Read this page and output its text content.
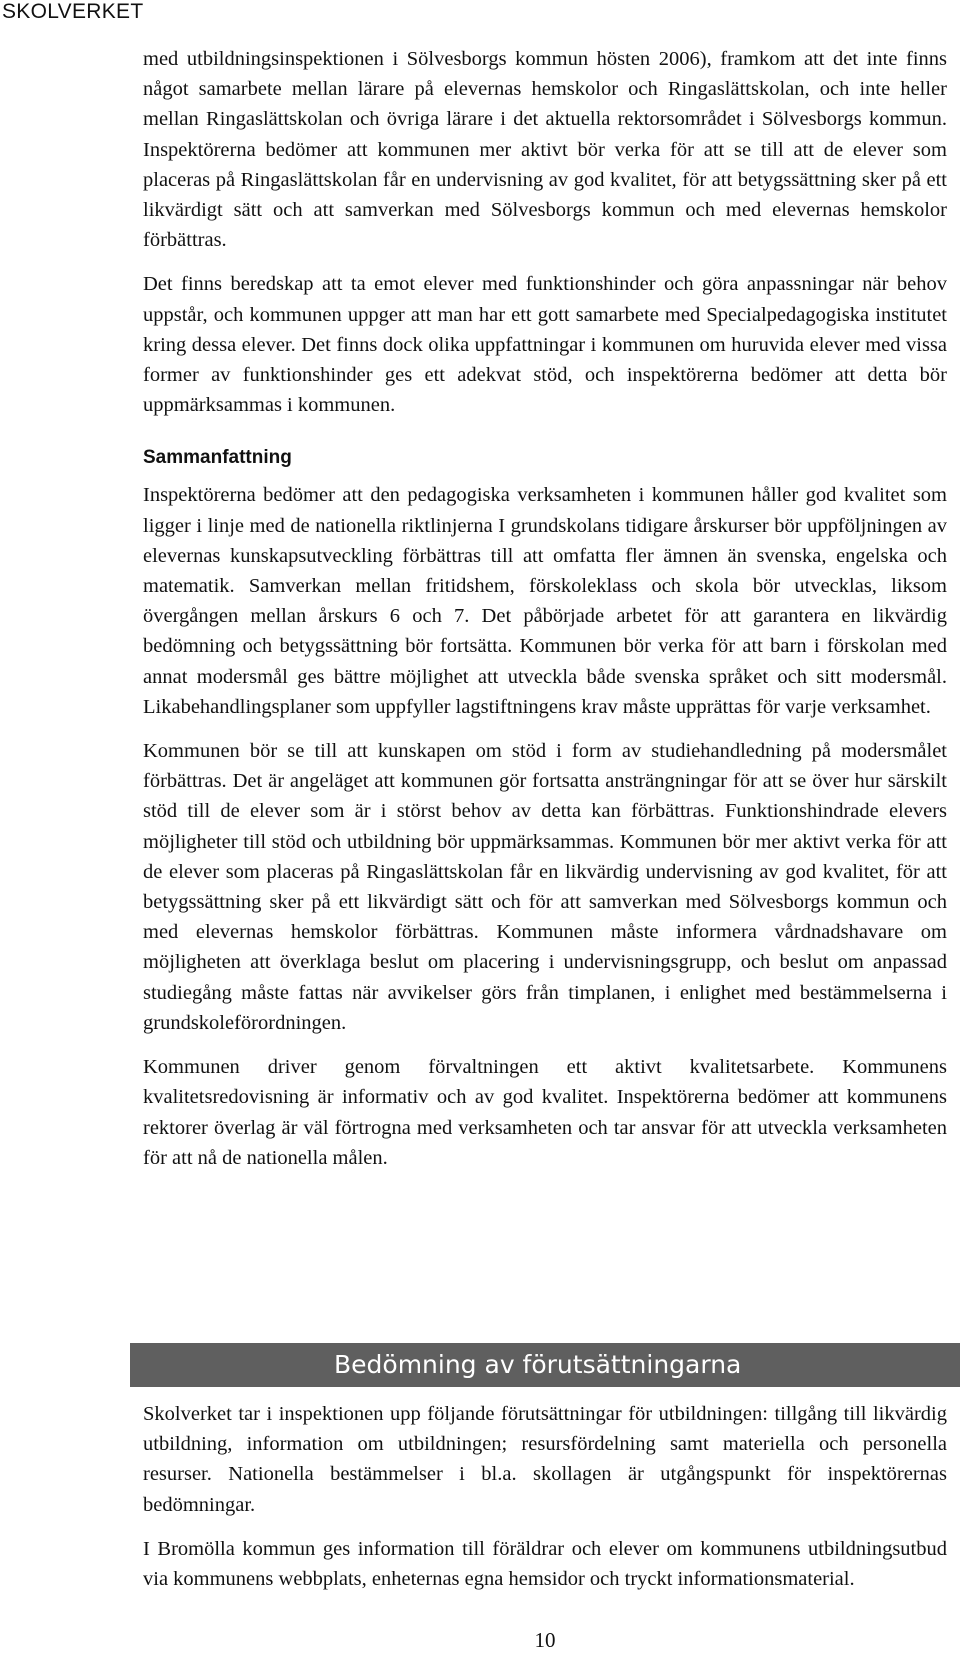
SKOLVERKET

med utbildningsinspektionen i Sölvesborgs kommun hösten 2006), framkom att det inte finns något samarbete mellan lärare på elevernas hemskolor och Ringaslättskolan, och inte heller mellan Ringaslättskolan och övriga lärare i det aktuella rektorsområdet i Sölvesborgs kommun. Inspektörerna bedömer att kommunen mer aktivt bör verka för att se till att de elever som placeras på Ringaslättskolan får en undervisning av god kvalitet, för att betygssättning sker på ett likvärdigt sätt och att samverkan med Sölvesborgs kommun och med elevernas hemskolor förbättras.

Det finns beredskap att ta emot elever med funktionshinder och göra anpassningar när behov uppstår, och kommunen uppger att man har ett gott samarbete med Specialpedagogiska institutet kring dessa elever. Det finns dock olika uppfattningar i kommunen om huruvida elever med vissa former av funktionshinder ges ett adekvat stöd, och inspektörerna bedömer att detta bör uppmärksammas i kommunen.

Sammanfattning

Inspektörerna bedömer att den pedagogiska verksamheten i kommunen håller god kvalitet som ligger i linje med de nationella riktlinjerna I grundskolans tidigare årskurser bör uppföljningen av elevernas kunskapsutveckling förbättras till att omfatta fler ämnen än svenska, engelska och matematik. Samverkan mellan fritidshem, förskoleklass och skola bör utvecklas, liksom övergången mellan årskurs 6 och 7. Det påbörjade arbetet för att garantera en likvärdig bedömning och betygssättning bör fortsätta. Kommunen bör verka för att barn i förskolan med annat modersmål ges bättre möjlighet att utveckla både svenska språket och sitt modersmål. Likabehandlingsplaner som uppfyller lagstiftningens krav måste upprättas för varje verksamhet.

Kommunen bör se till att kunskapen om stöd i form av studiehandledning på modersmålet förbättras. Det är angeläget att kommunen gör fortsatta ansträngningar för att se över hur särskilt stöd till de elever som är i störst behov av detta kan förbättras. Funktionshindrade elevers möjligheter till stöd och utbildning bör uppmärksammas. Kommunen bör mer aktivt verka för att de elever som placeras på Ringaslättskolan får en likvärdig undervisning av god kvalitet, för att betygssättning sker på ett likvärdigt sätt och för att samverkan med Sölvesborgs kommun och med elevernas hemskolor förbättras. Kommunen måste informera vårdnadshavare om möjligheten att överklaga beslut om placering i undervisningsgrupp, och beslut om anpassad studiegång måste fattas när avvikelser görs från timplanen, i enlighet med bestämmelserna i grundskoleförordningen.

Kommunen driver genom förvaltningen ett aktivt kvalitetsarbete. Kommunens kvalitetsredovisning är informativ och av god kvalitet. Inspektörerna bedömer att kommunens rektorer överlag är väl förtrogna med verksamheten och tar ansvar för att utveckla verksamheten för att nå de nationella målen.

Bedömning av förutsättningarna

Skolverket tar i inspektionen upp följande förutsättningar för utbildningen: tillgång till likvärdig utbildning, information om utbildningen; resursfördelning samt materiella och personella resurser. Nationella bestämmelser i bl.a. skollagen är utgångspunkt för inspektörernas bedömningar.

I Bromölla kommun ges information till föräldrar och elever om kommunens utbildningsutbud via kommunens webbplats, enheternas egna hemsidor och tryckt informationsmaterial.

10
